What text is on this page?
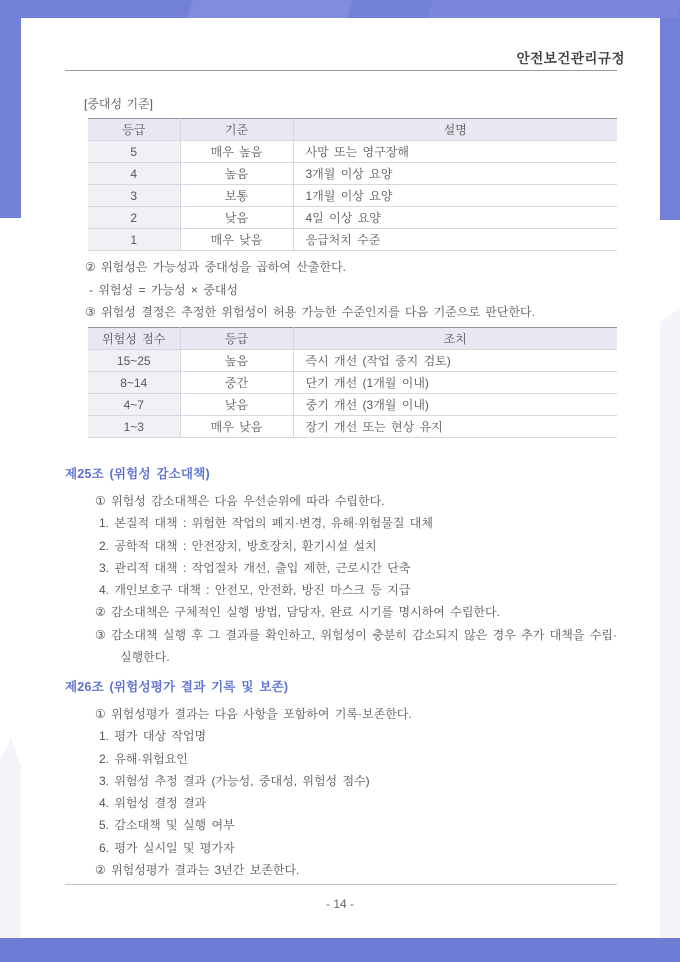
안전보건관리규정
[중대성 기준]
등급	기준	설명
5	매우 높음	사망 또는 영구장해
4	높음	3개월 이상 요양
3	보통	1개월 이상 요양
2	낮음	4일 이상 요양
1	매우 낮음	응급처치 수준

② 위험성은 가능성과 중대성을 곱하여 산출한다.

- 위험성 = 가능성 × 중대성

③ 위험성 결정은 추정한 위험성이 허용 가능한 수준인지를 다음 기준으로 판단한다.

위험성 점수	등급	조치
15~25	높음	즉시 개선 (작업 중지 검토)
8~14	중간	단기 개선 (1개월 이내)
4~7	낮음	중기 개선 (3개월 이내)
1~3	매우 낮음	장기 개선 또는 현상 유지
제25조 (위험성 감소대책)

① 위험성 감소대책은 다음 우선순위에 따라 수립한다.

1. 본질적 대책 : 위험한 작업의 폐지·변경, 유해·위험물질 대체

2. 공학적 대책 : 안전장치, 방호장치, 환기시설 설치

3. 관리적 대책 : 작업절차 개선, 출입 제한, 근로시간 단축

4. 개인보호구 대책 : 안전모, 안전화, 방진 마스크 등 지급

② 감소대책은 구체적인 실행 방법, 담당자, 완료 시기를 명시하여 수립한다.

③ 감소대책 실행 후 그 결과를 확인하고, 위험성이 충분히 감소되지 않은 경우 추가 대책을 수립·실행한다.

제26조 (위험성평가 결과 기록 및 보존)

① 위험성평가 결과는 다음 사항을 포함하여 기록·보존한다.

1. 평가 대상 작업명

2. 유해·위험요인

3. 위험성 추정 결과 (가능성, 중대성, 위험성 점수)

4. 위험성 결정 결과

5. 감소대책 및 실행 여부

6. 평가 실시일 및 평가자

② 위험성평가 결과는 3년간 보존한다.

- 14 -
